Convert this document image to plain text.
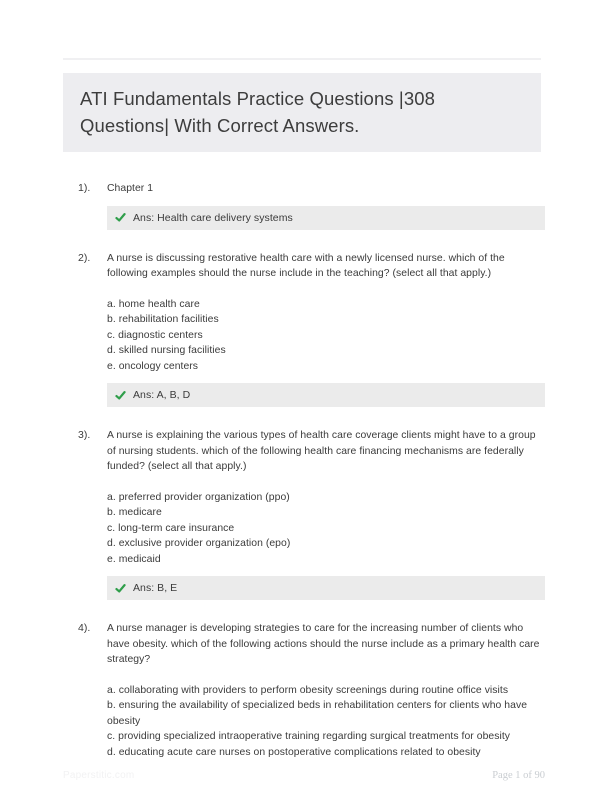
ATI Fundamentals Practice Questions |308 Questions| With Correct Answers.
1).	Chapter 1

Ans: Health care delivery systems
2).	A nurse is discussing restorative health care with a newly licensed nurse. which of the following examples should the nurse include in the teaching? (select all that apply.)

a. home health care
b. rehabilitation facilities
c. diagnostic centers
d. skilled nursing facilities
e. oncology centers
Ans: A, B, D
3).	A nurse is explaining the various types of health care coverage clients might have to a group of nursing students. which of the following health care financing mechanisms are federally funded? (select all that apply.)

a. preferred provider organization (ppo)
b. medicare
c. long-term care insurance
d. exclusive provider organization (epo)
e. medicaid
Ans: B, E
4).	A nurse manager is developing strategies to care for the increasing number of clients who have obesity. which of the following actions should the nurse include as a primary health care strategy?

a. collaborating with providers to perform obesity screenings during routine office visits
b. ensuring the availability of specialized beds in rehabilitation centers for clients who have obesity
c. providing specialized intraoperative training regarding surgical treatments for obesity
d. educating acute care nurses on postoperative complications related to obesity
Paperstitic.com	Page 1 of 90
